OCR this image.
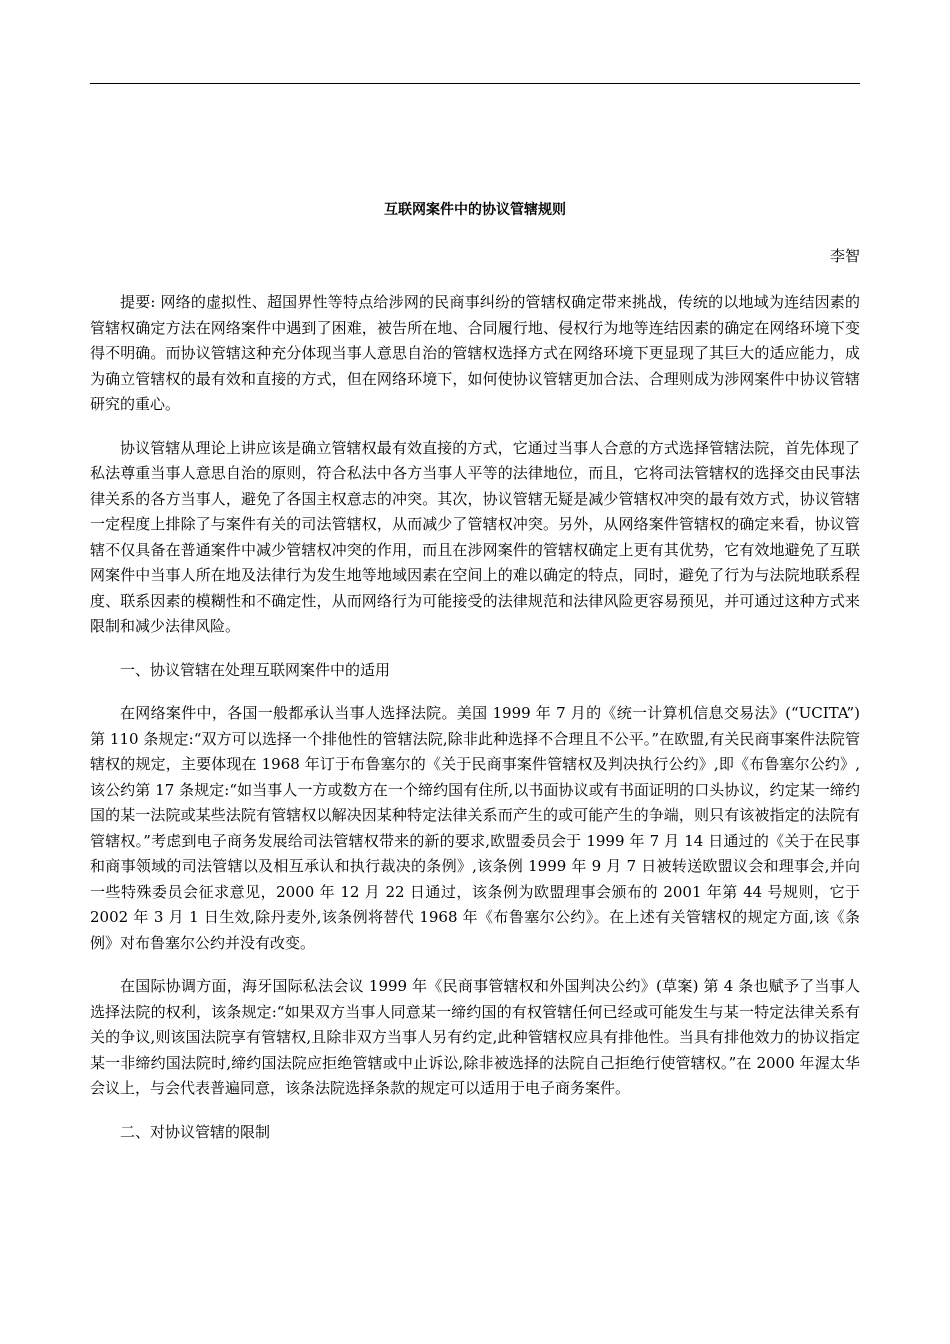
互联网案件中的协议管辖规则
李智

提要: 网络的虚拟性、超国界性等特点给涉网的民商事纠纷的管辖权确定带来挑战，传统的以地域为连结因素的管辖权确定方法在网络案件中遇到了困难，被告所在地、合同履行地、侵权行为地等连结因素的确定在网络环境下变得不明确。而协议管辖这种充分体现当事人意思自治的管辖权选择方式在网络环境下更显现了其巨大的适应能力，成为确立管辖权的最有效和直接的方式，但在网络环境下，如何使协议管辖更加合法、合理则成为涉网案件中协议管辖研究的重心。

协议管辖从理论上讲应该是确立管辖权最有效直接的方式，它通过当事人合意的方式选择管辖法院，首先体现了私法尊重当事人意思自治的原则，符合私法中各方当事人平等的法律地位，而且，它将司法管辖权的选择交由民事法律关系的各方当事人，避免了各国主权意志的冲突。其次，协议管辖无疑是减少管辖权冲突的最有效方式，协议管辖一定程度上排除了与案件有关的司法管辖权，从而减少了管辖权冲突。另外，从网络案件管辖权的确定来看，协议管辖不仅具备在普通案件中减少管辖权冲突的作用，而且在涉网案件的管辖权确定上更有其优势，它有效地避免了互联网案件中当事人所在地及法律行为发生地等地域因素在空间上的难以确定的特点，同时，避免了行为与法院地联系程度、联系因素的模糊性和不确定性，从而网络行为可能接受的法律规范和法律风险更容易预见，并可通过这种方式来限制和减少法律风险。

一、协议管辖在处理互联网案件中的适用

在网络案件中，各国一般都承认当事人选择法院。美国 1999 年 7 月的《统一计算机信息交易法》(“UCITA”) 第 110 条规定:“双方可以选择一个排他性的管辖法院,除非此种选择不合理且不公平。”在欧盟,有关民商事案件法院管辖权的规定，主要体现在 1968 年订于布鲁塞尔的《关于民商事案件管辖权及判决执行公约》,即《布鲁塞尔公约》,该公约第 17 条规定:“如当事人一方或数方在一个缔约国有住所,以书面协议或有书面证明的口头协议，约定某一缔约国的某一法院或某些法院有管辖权以解决因某种特定法律关系而产生的或可能产生的争端，则只有该被指定的法院有管辖权。”考虑到电子商务发展给司法管辖权带来的新的要求,欧盟委员会于 1999 年 7 月 14 日通过的《关于在民事和商事领域的司法管辖以及相互承认和执行裁决的条例》,该条例 1999 年 9 月 7 日被转送欧盟议会和理事会,并向一些特殊委员会征求意见，2000 年 12 月 22 日通过，该条例为欧盟理事会颁布的 2001 年第 44 号规则，它于 2002 年 3 月 1 日生效,除丹麦外,该条例将替代 1968 年《布鲁塞尔公约》。在上述有关管辖权的规定方面,该《条例》对布鲁塞尔公约并没有改变。

在国际协调方面，海牙国际私法会议 1999 年《民商事管辖权和外国判决公约》(草案) 第 4 条也赋予了当事人选择法院的权利，该条规定:“如果双方当事人同意某一缔约国的有权管辖任何已经或可能发生与某一特定法律关系有关的争议,则该国法院享有管辖权,且除非双方当事人另有约定,此种管辖权应具有排他性。当具有排他效力的协议指定某一非缔约国法院时,缔约国法院应拒绝管辖或中止诉讼,除非被选择的法院自己拒绝行使管辖权。”在 2000 年渥太华会议上，与会代表普遍同意，该条法院选择条款的规定可以适用于电子商务案件。

二、对协议管辖的限制
